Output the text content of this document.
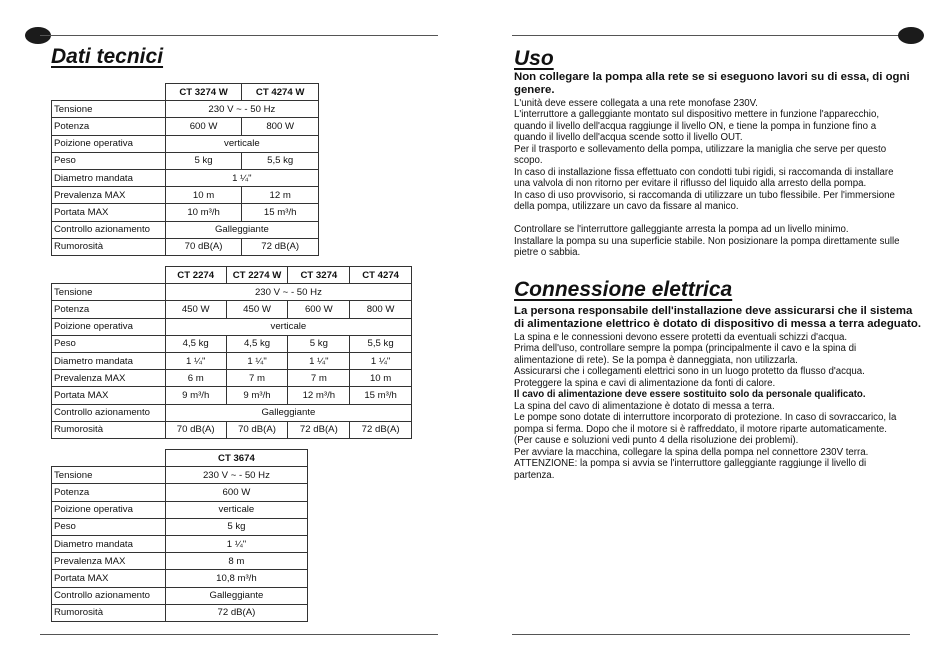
Dati tecnici
	CT 3274 W	CT 4274 W
Tensione	230 V ~ - 50 Hz	
Potenza	600 W	800 W
Poizione operativa	verticale	
Peso	5 kg	5,5 kg
Diametro mandata	1 ¼"	
Prevalenza MAX	10 m	12 m
Portata MAX	10 m³/h	15 m³/h
Controllo azionamento	Galleggiante	
Rumorosità	70 dB(A)	72 dB(A)
	CT 2274	CT 2274 W	CT 3274	CT 4274
Tensione	230 V ~ - 50 Hz			
Potenza	450 W	450 W	600 W	800 W
Poizione operativa	verticale			
Peso	4,5 kg	4,5 kg	5 kg	5,5 kg
Diametro mandata	1 ¼"	1 ¼"	1 ¼"	1 ¼"
Prevalenza MAX	6 m	7 m	7 m	10 m
Portata MAX	9 m³/h	9 m³/h	12 m³/h	15 m³/h
Controllo azionamento	Galleggiante			
Rumorosità	70 dB(A)	70 dB(A)	72 dB(A)	72 dB(A)
	CT 3674
Tensione	230 V ~ - 50 Hz
Potenza	600 W
Poizione operativa	verticale
Peso	5 kg
Diametro mandata	1 ¼"
Prevalenza MAX	8 m
Portata MAX	10,8 m³/h
Controllo azionamento	Galleggiante
Rumorosità	72 dB(A)
Uso
Non collegare la pompa alla rete se si eseguono lavori su di essa, di ogni genere.
L'unità deve essere collegata a una rete monofase 230V.
L'interruttore a galleggiante montato sul dispositivo mettere in funzione l'apparecchio,
quando il livello dell'acqua raggiunge il livello ON, e tiene la pompa in funzione fino a
quando il livello dell'acqua scende sotto il livello OUT.
Per il trasporto e sollevamento della pompa, utilizzare la maniglia che serve per questo
scopo.
In caso di installazione fissa effettuato con condotti tubi rigidi, si raccomanda di installare
una valvola di non ritorno per evitare il riflusso del liquido alla arresto della pompa.
In caso di uso provvisorio, si raccomanda di utilizzare un tubo flessibile. Per l'immersione
della pompa, utilizzare un cavo da fissare al manico.
Controllare se l'interruttore galleggiante arresta la pompa ad un livello minimo.
Installare la pompa su una superficie stabile. Non posizionare la pompa direttamente sulle
pietre o sabbia.
Connessione elettrica
La persona responsabile dell'installazione deve assicurarsi che il sistema di alimentazione elettrico è dotato di dispositivo di messa a terra adeguato.
La spina e le connessioni devono essere protetti da eventuali schizzi d'acqua.
Prima dell'uso, controllare sempre la pompa (principalmente il cavo e la spina di
alimentazione di rete). Se la pompa è danneggiata, non utilizzarla.
Assicurarsi che i collegamenti elettrici sono in un luogo protetto da flusso d'acqua.
Proteggere la spina e cavi di alimentazione da fonti di calore.
Il cavo di alimentazione deve essere sostituito solo da personale qualificato.
La spina del cavo di alimentazione è dotato di messa a terra.
Le pompe sono dotate di interruttore incorporato di protezione. In caso di sovraccarico, la
pompa si ferma. Dopo che il motore si è raffreddato, il motore riparte automaticamente.
(Per cause e soluzioni vedi punto 4 della risoluzione dei problemi).
Per avviare la macchina, collegare la spina della pompa nel connettore 230V terra.
ATTENZIONE: la pompa si avvia se l'interruttore galleggiante raggiunge il livello di
partenza.
